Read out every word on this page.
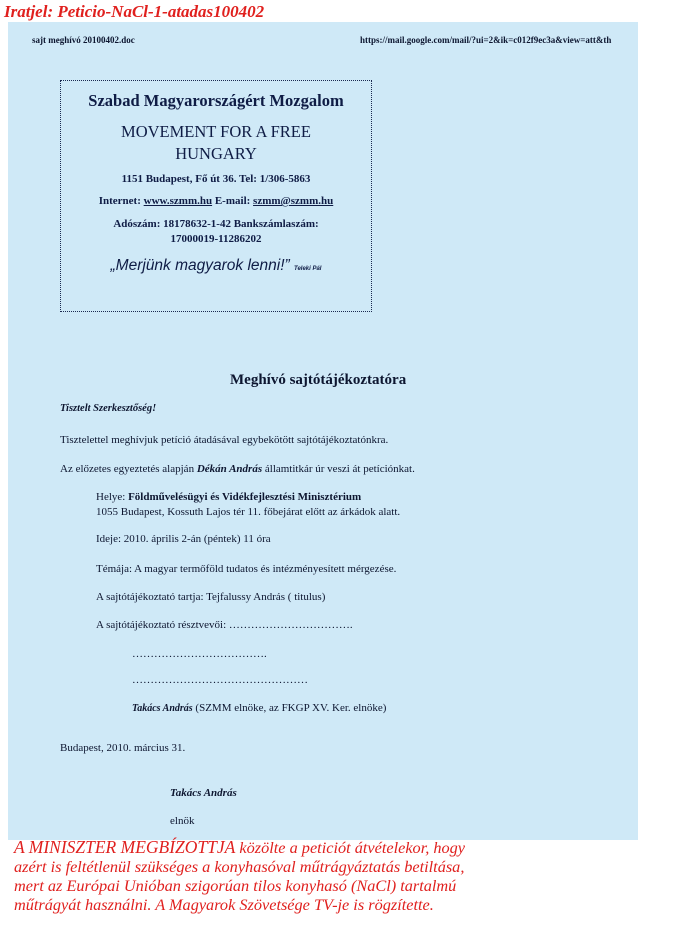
Iratjel: Peticio-NaCl-1-atadas100402
sajt meghívó 20100402.doc	https://mail.google.com/mail/?ui=2&ik=c012f9ec3a&view=att&th
Szabad Magyarországért Mozgalom
MOVEMENT FOR A FREE
HUNGARY
1151 Budapest, Fő út 36. Tel: 1/306-5863
Internet: www.szmm.hu E-mail: szmm@szmm.hu
Adószám: 18178632-1-42 Bankszámlaszám:
17000019-11286202
„Merjünk magyarok lenni!” Teleki Pál
Meghívó sajtótájékoztatóra
Tisztelt Szerkesztőség!
Tisztelettel meghívjuk petíció átadásával egybekötött sajtótájékoztatónkra.
Az előzetes egyeztetés alapján Dékán András államtitkár úr veszi át petíciónkat.
Helye: Földművelésügyi és Vidékfejlesztési Minisztérium
1055 Budapest, Kossuth Lajos tér 11. főbejárat előtt az árkádok alatt.
Ideje: 2010. április 2-án (péntek) 11 óra
Témája: A magyar termőföld tudatos és intézményesített mérgezése.
A sajtótájékoztató tartja: Tejfalussy András ( titulus)
A sajtótájékoztató résztvevői: …………………………….
……………………………….
…………………………………………
Takács András (SZMM elnöke, az FKGP XV. Ker. elnöke)
Budapest, 2010. március 31.
Takács András
elnök
A MINISZTER MEGBÍZOTTJA közölte a peticiót átvételekor, hogy
azért is feltétlenül szükséges a konyhasóval műtrágyáztatás betiltása,
mert az Európai Unióban szigorúan tilos konyhasó (NaCl) tartalmú
műtrágyát használni. A Magyarok Szövetsége TV-je is rögzítette.
